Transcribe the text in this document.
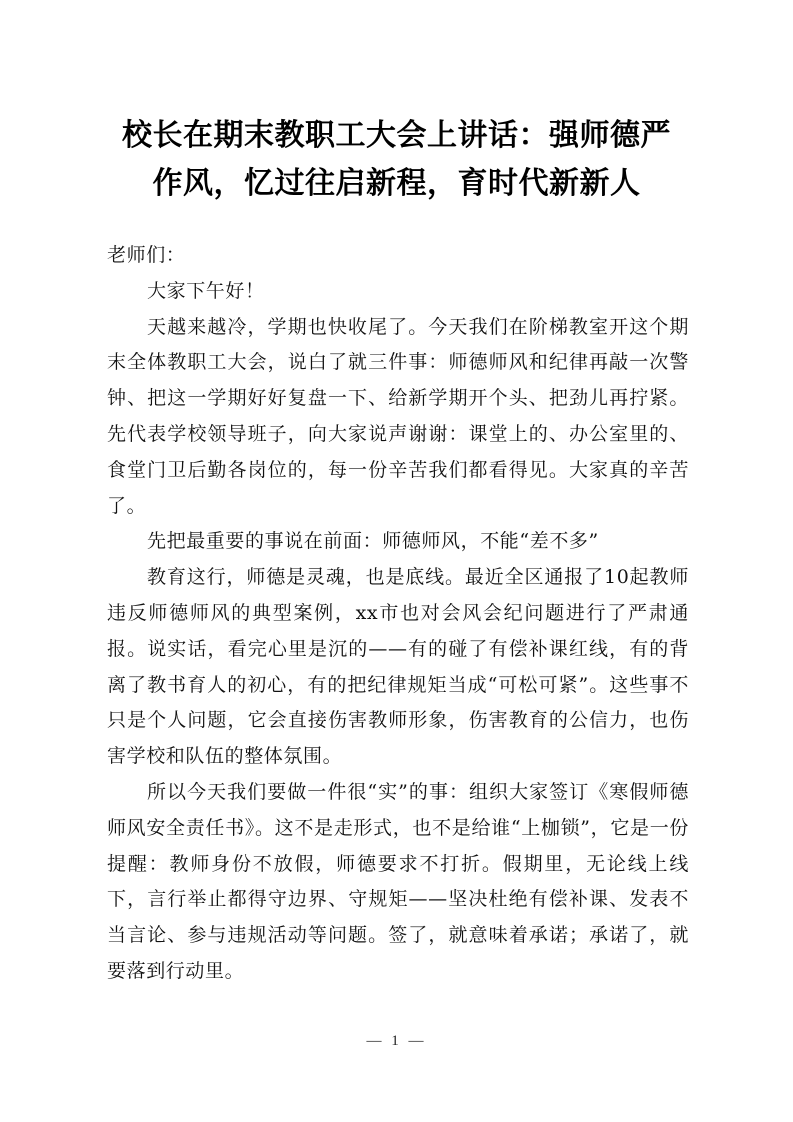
校长在期末教职工大会上讲话：强师德严
作风，忆过往启新程，育时代新新人

老师们：

大家下午好！

天越来越冷，学期也快收尾了。今天我们在阶梯教室开这个期末全体教职工大会，说白了就三件事：师德师风和纪律再敲一次警钟、把这一学期好好复盘一下、给新学期开个头、把劲儿再拧紧。先代表学校领导班子，向大家说声谢谢：课堂上的、办公室里的、食堂门卫后勤各岗位的，每一份辛苦我们都看得见。大家真的辛苦了。

先把最重要的事说在前面：师德师风，不能“差不多”

教育这行，师德是灵魂，也是底线。最近全区通报了10起教师违反师德师风的典型案例，xx市也对会风会纪问题进行了严肃通报。说实话，看完心里是沉的——有的碰了有偿补课红线，有的背离了教书育人的初心，有的把纪律规矩当成“可松可紧”。这些事不只是个人问题，它会直接伤害教师形象，伤害教育的公信力，也伤害学校和队伍的整体氛围。

所以今天我们要做一件很“实”的事：组织大家签订《寒假师德师风安全责任书》。这不是走形式，也不是给谁“上枷锁”，它是一份提醒：教师身份不放假，师德要求不打折。假期里，无论线上线下，言行举止都得守边界、守规矩——坚决杜绝有偿补课、发表不当言论、参与违规活动等问题。签了，就意味着承诺；承诺了，就要落到行动里。

— 1 —
